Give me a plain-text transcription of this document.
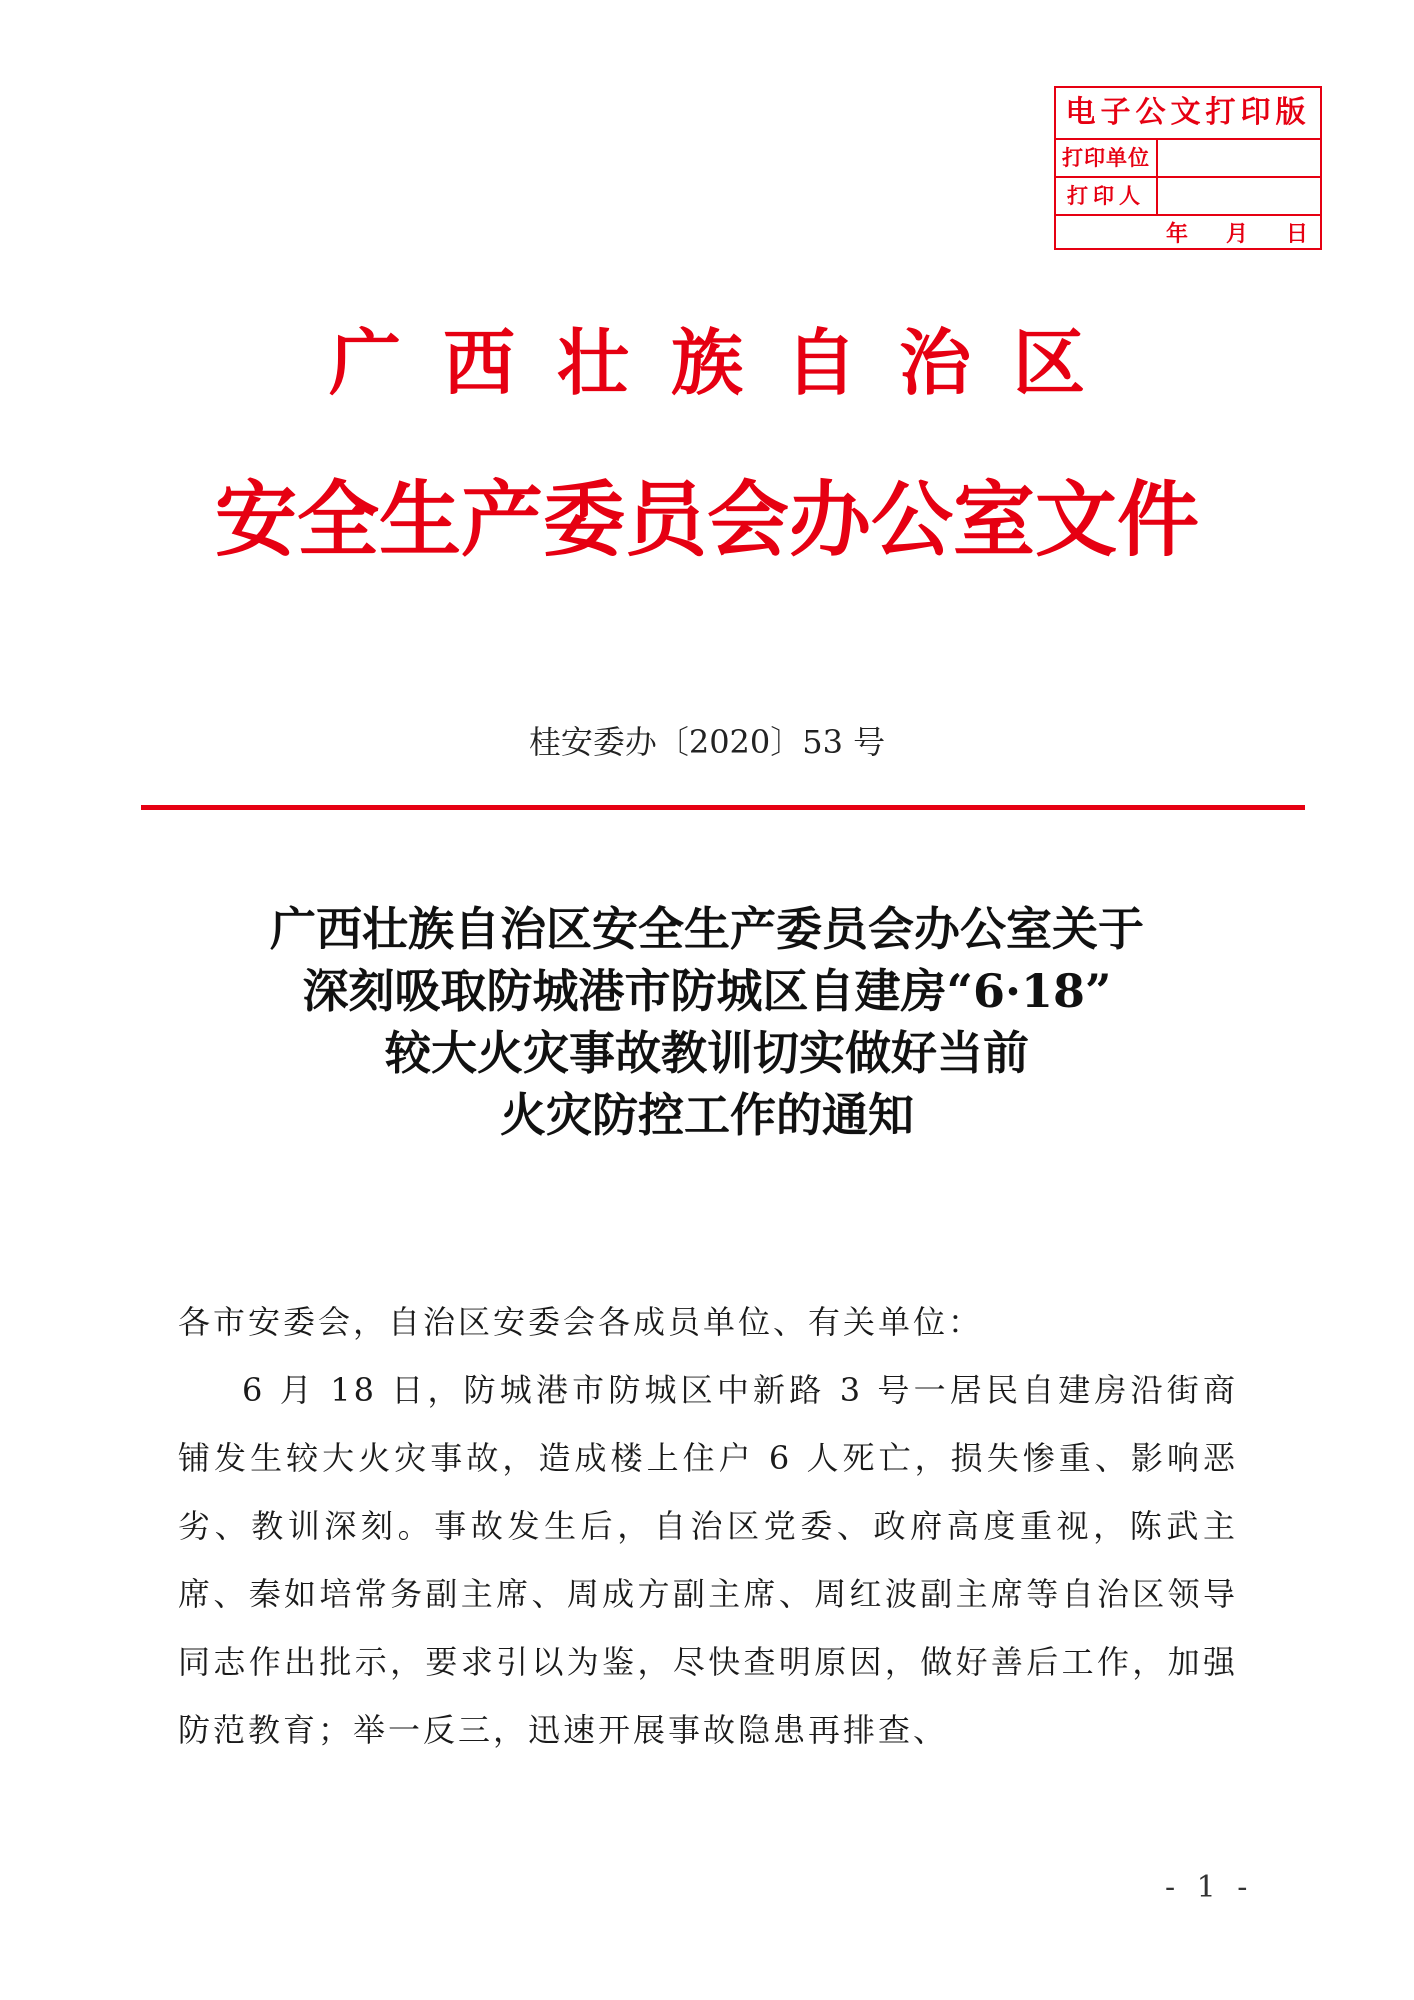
电子公文打印版
打印单位
打印人
年 月 日
广西壮族自治区
安全生产委员会办公室文件
桂安委办〔2020〕53 号
广西壮族自治区安全生产委员会办公室关于
深刻吸取防城港市防城区自建房“6·18”
较大火灾事故教训切实做好当前
火灾防控工作的通知
各市安委会，自治区安委会各成员单位、有关单位：
6 月 18 日，防城港市防城区中新路 3 号一居民自建房沿街商铺发生较大火灾事故，造成楼上住户 6 人死亡，损失惨重、影响恶劣、教训深刻。事故发生后，自治区党委、政府高度重视，陈武主席、秦如培常务副主席、周成方副主席、周红波副主席等自治区领导同志作出批示，要求引以为鉴，尽快查明原因，做好善后工作，加强防范教育；举一反三，迅速开展事故隐患再排查、
- 1 -
